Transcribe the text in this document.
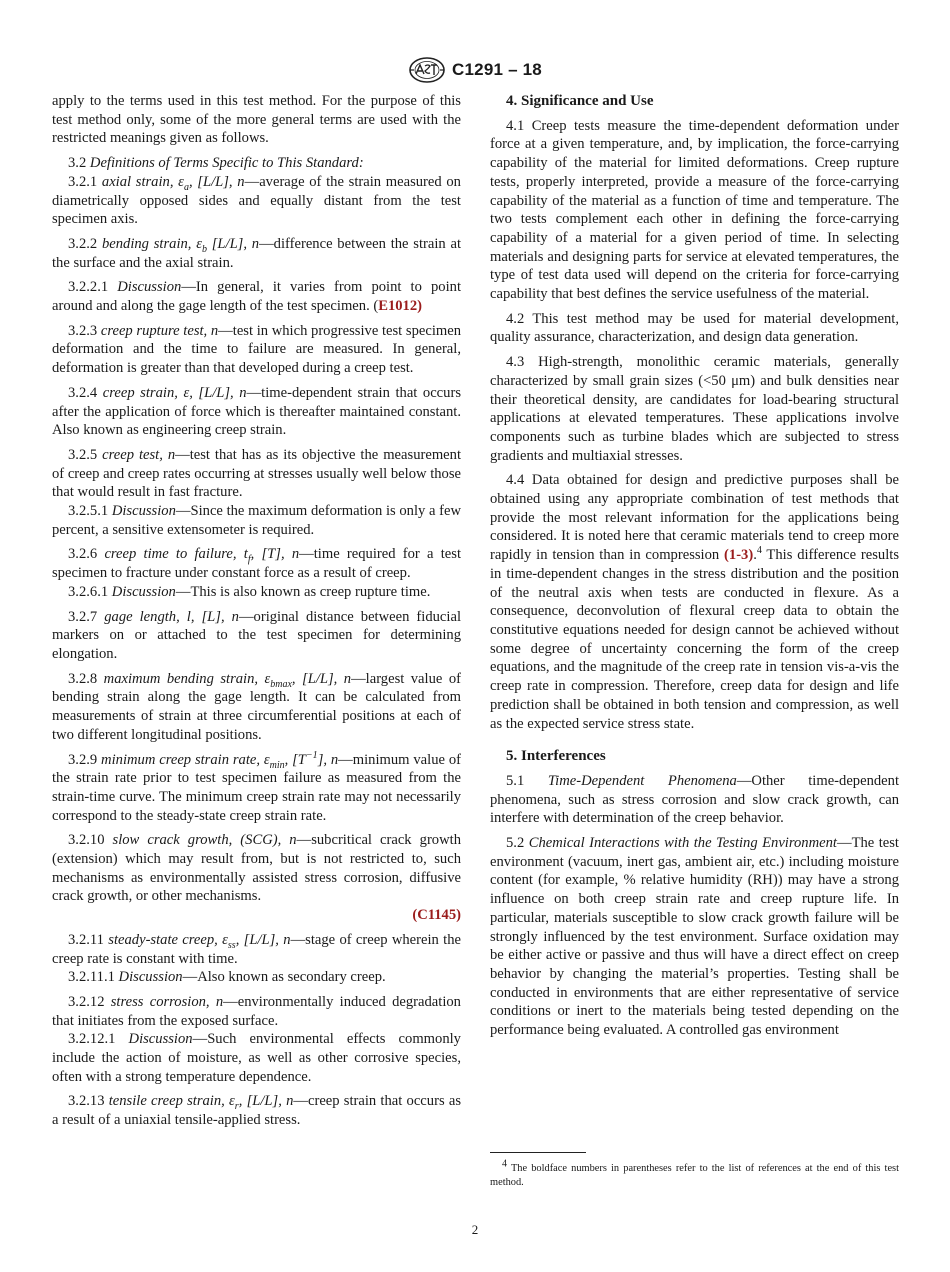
C1291 – 18

apply to the terms used in this test method. For the purpose of this test method only, some of the more general terms are used with the restricted meanings given as follows.

3.2 Definitions of Terms Specific to This Standard:

3.2.1 axial strain, $\varepsilon_a$, [L/L], n—average of the strain measured on diametrically opposed sides and equally distant from the test specimen axis.

3.2.2 bending strain, $\varepsilon_b$ [L/L], n—difference between the strain at the surface and the axial strain.

3.2.2.1 Discussion—In general, it varies from point to point around and along the gage length of the test specimen. (E1012)

3.2.3 creep rupture test, n—test in which progressive test specimen deformation and the time to failure are measured. In general, deformation is greater than that developed during a creep test.

3.2.4 creep strain, ε, [L/L], n—time-dependent strain that occurs after the application of force which is thereafter maintained constant. Also known as engineering creep strain.

3.2.5 creep test, n—test that has as its objective the measurement of creep and creep rates occurring at stresses usually well below those that would result in fast fracture.

3.2.5.1 Discussion—Since the maximum deformation is only a few percent, a sensitive extensometer is required.

3.2.6 creep time to failure, $t_f$, [T], n—time required for a test specimen to fracture under constant force as a result of creep.

3.2.6.1 Discussion—This is also known as creep rupture time.

3.2.7 gage length, l, [L], n—original distance between fiducial markers on or attached to the test specimen for determining elongation.

3.2.8 maximum bending strain, $\varepsilon_{bmax}$, [L/L], n—largest value of bending strain along the gage length. It can be calculated from measurements of strain at three circumferential positions at each of two different longitudinal positions.

3.2.9 minimum creep strain rate, $\varepsilon_{min}$, $[T^{-1}]$, n—minimum value of the strain rate prior to test specimen failure as measured from the strain-time curve. The minimum creep strain rate may not necessarily correspond to the steady-state creep strain rate.

3.2.10 slow crack growth, (SCG), n—subcritical crack growth (extension) which may result from, but is not restricted to, such mechanisms as environmentally assisted stress corrosion, diffusive crack growth, or other mechanisms.

(C1145)

3.2.11 steady-state creep, $\varepsilon_{ss}$, [L/L], n—stage of creep wherein the creep rate is constant with time.

3.2.11.1 Discussion—Also known as secondary creep.

3.2.12 stress corrosion, n—environmentally induced degradation that initiates from the exposed surface.

3.2.12.1 Discussion—Such environmental effects commonly include the action of moisture, as well as other corrosive species, often with a strong temperature dependence.

3.2.13 tensile creep strain, $\varepsilon_r$, [L/L], n—creep strain that occurs as a result of a uniaxial tensile-applied stress.

4. Significance and Use

4.1 Creep tests measure the time-dependent deformation under force at a given temperature, and, by implication, the force-carrying capability of the material for limited deformations. Creep rupture tests, properly interpreted, provide a measure of the force-carrying capability of the material as a function of time and temperature. The two tests complement each other in defining the force-carrying capability of a material for a given period of time. In selecting materials and designing parts for service at elevated temperatures, the type of test data used will depend on the criteria for force-carrying capability that best defines the service usefulness of the material.

4.2 This test method may be used for material development, quality assurance, characterization, and design data generation.

4.3 High-strength, monolithic ceramic materials, generally characterized by small grain sizes (<50 μm) and bulk densities near their theoretical density, are candidates for load-bearing structural applications at elevated temperatures. These applications involve components such as turbine blades which are subjected to stress gradients and multiaxial stresses.

4.4 Data obtained for design and predictive purposes shall be obtained using any appropriate combination of test methods that provide the most relevant information for the applications being considered. It is noted here that ceramic materials tend to creep more rapidly in tension than in compression (1-3).$^4$ This difference results in time-dependent changes in the stress distribution and the position of the neutral axis when tests are conducted in flexure. As a consequence, deconvolution of flexural creep data to obtain the constitutive equations needed for design cannot be achieved without some degree of uncertainty concerning the form of the creep equations, and the magnitude of the creep rate in tension vis-a-vis the creep rate in compression. Therefore, creep data for design and life prediction shall be obtained in both tension and compression, as well as the expected service stress state.

5. Interferences

5.1 Time-Dependent Phenomena—Other time-dependent phenomena, such as stress corrosion and slow crack growth, can interfere with determination of the creep behavior.

5.2 Chemical Interactions with the Testing Environment—The test environment (vacuum, inert gas, ambient air, etc.) including moisture content (for example, % relative humidity (RH)) may have a strong influence on both creep strain rate and creep rupture life. In particular, materials susceptible to slow crack growth failure will be strongly influenced by the test environment. Surface oxidation may be either active or passive and thus will have a direct effect on creep behavior by changing the material’s properties. Testing shall be conducted in environments that are either representative of service conditions or inert to the materials being tested depending on the performance being evaluated. A controlled gas environment

$^4$ The boldface numbers in parentheses refer to the list of references at the end of this test method.
2
